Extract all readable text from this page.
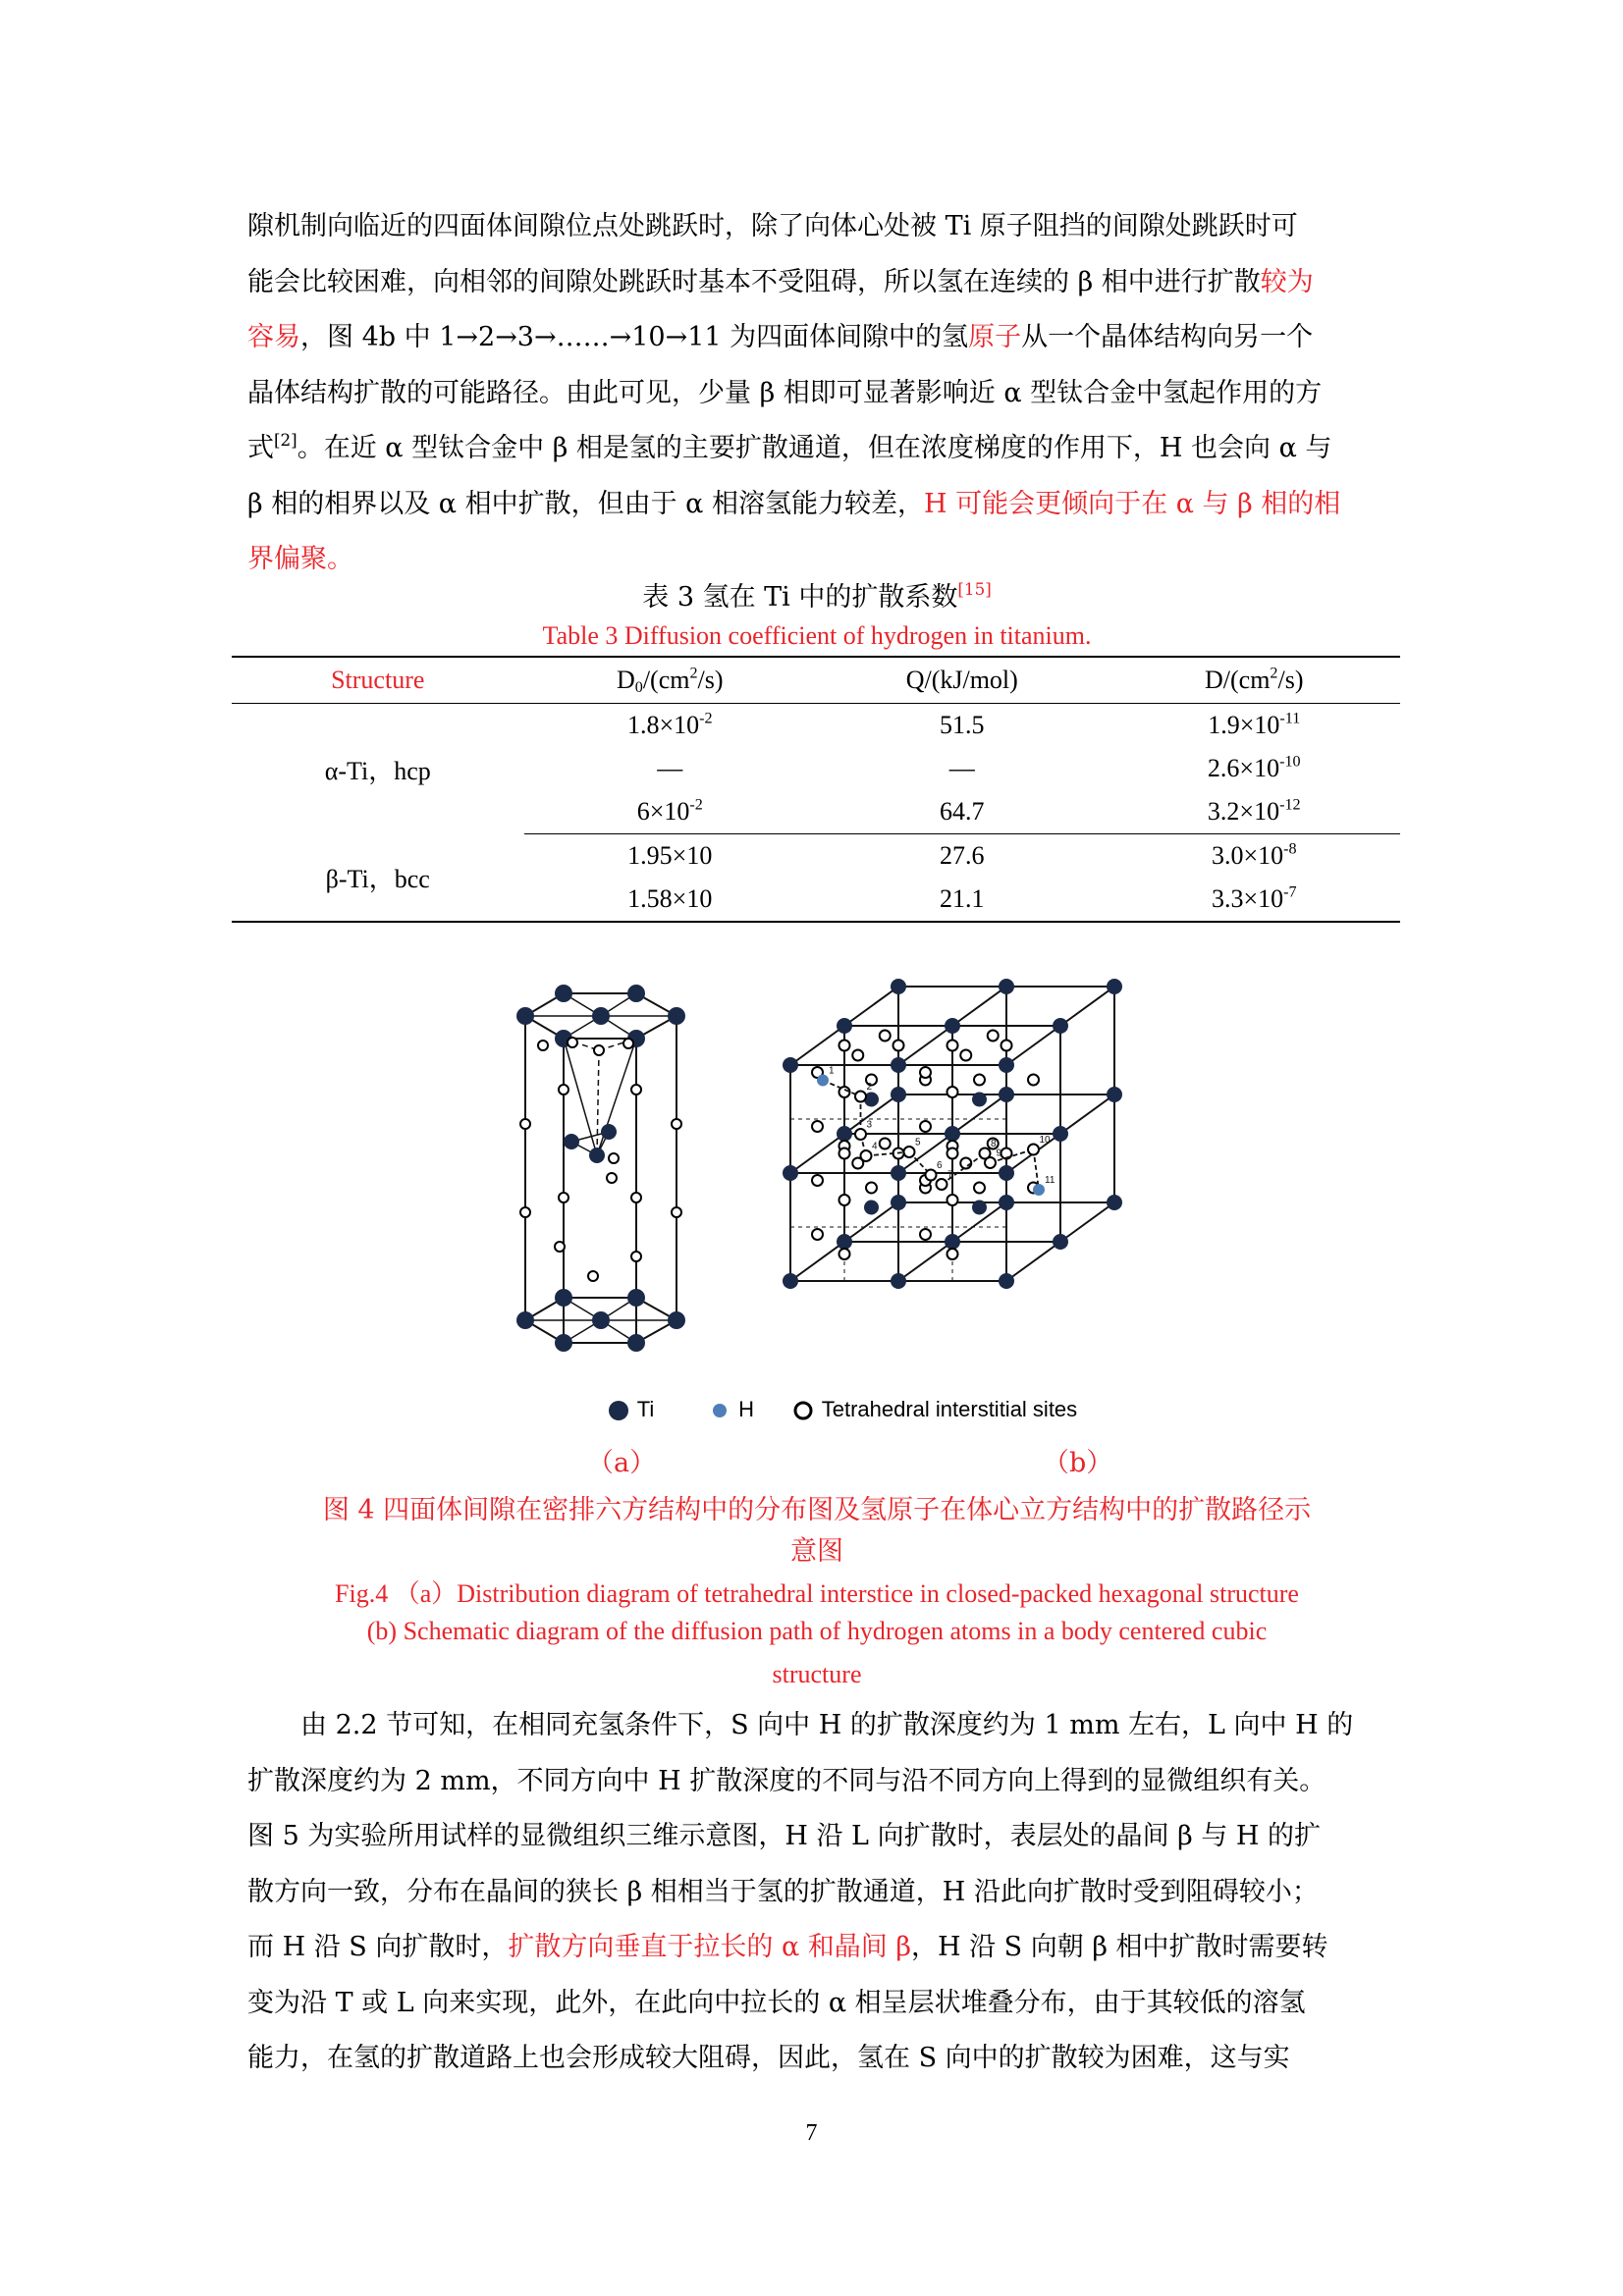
隙机制向临近的四面体间隙位点处跳跃时，除了向体心处被 Ti 原子阻挡的间隙处跳跃时可
能会比较困难，向相邻的间隙处跳跃时基本不受阻碍，所以氢在连续的 β 相中进行扩散较为
容易，图 4b 中 1→2→3→……→10→11 为四面体间隙中的氢原子从一个晶体结构向另一个
晶体结构扩散的可能路径。由此可见，少量 β 相即可显著影响近 α 型钛合金中氢起作用的方
式[2]。在近 α 型钛合金中 β 相是氢的主要扩散通道，但在浓度梯度的作用下，H 也会向 α 与
β 相的相界以及 α 相中扩散，但由于 α 相溶氢能力较差，H 可能会更倾向于在 α 与 β 相的相
界偏聚。
表 3 氢在 Ti 中的扩散系数[15]
Table 3 Diffusion coefficient of hydrogen in titanium.
Structure	$D_0/(cm^2/s)$	Q/(kJ/mol)	$D/(cm^2/s)$
α-Ti，hcp	$1.8\times 10^{-2}$	51.5	$1.9\times 10^{-11}$
	—	—	$2.6\times 10^{-10}$
	$6\times 10^{-2}$	64.7	$3.2\times 10^{-12}$
β-Ti，bcc	1.95×10	27.6	$3.0\times 10^{-8}$
	1.58×10	21.1	$3.3\times 10^{-7}$
1
2
3
4	5
6
7
8
9
10
11
Ti	H	Tetrahedral interstitial sites
（a）	（b）
图 4 四面体间隙在密排六方结构中的分布图及氢原子在体心立方结构中的扩散路径示
意图
Fig.4 （a）Distribution diagram of tetrahedral interstice in closed-packed hexagonal structure
(b) Schematic diagram of the diffusion path of hydrogen atoms in a body centered cubic
structure
由 2.2 节可知，在相同充氢条件下，S 向中 H 的扩散深度约为 1 mm 左右，L 向中 H 的
扩散深度约为 2 mm，不同方向中 H 扩散深度的不同与沿不同方向上得到的显微组织有关。
图 5 为实验所用试样的显微组织三维示意图，H 沿 L 向扩散时，表层处的晶间 β 与 H 的扩
散方向一致，分布在晶间的狭长 β 相相当于氢的扩散通道，H 沿此向扩散时受到阻碍较小；
而 H 沿 S 向扩散时，扩散方向垂直于拉长的 α 和晶间 β，H 沿 S 向朝 β 相中扩散时需要转
变为沿 T 或 L 向来实现，此外，在此向中拉长的 α 相呈层状堆叠分布，由于其较低的溶氢
能力，在氢的扩散道路上也会形成较大阻碍，因此，氢在 S 向中的扩散较为困难，这与实
7
